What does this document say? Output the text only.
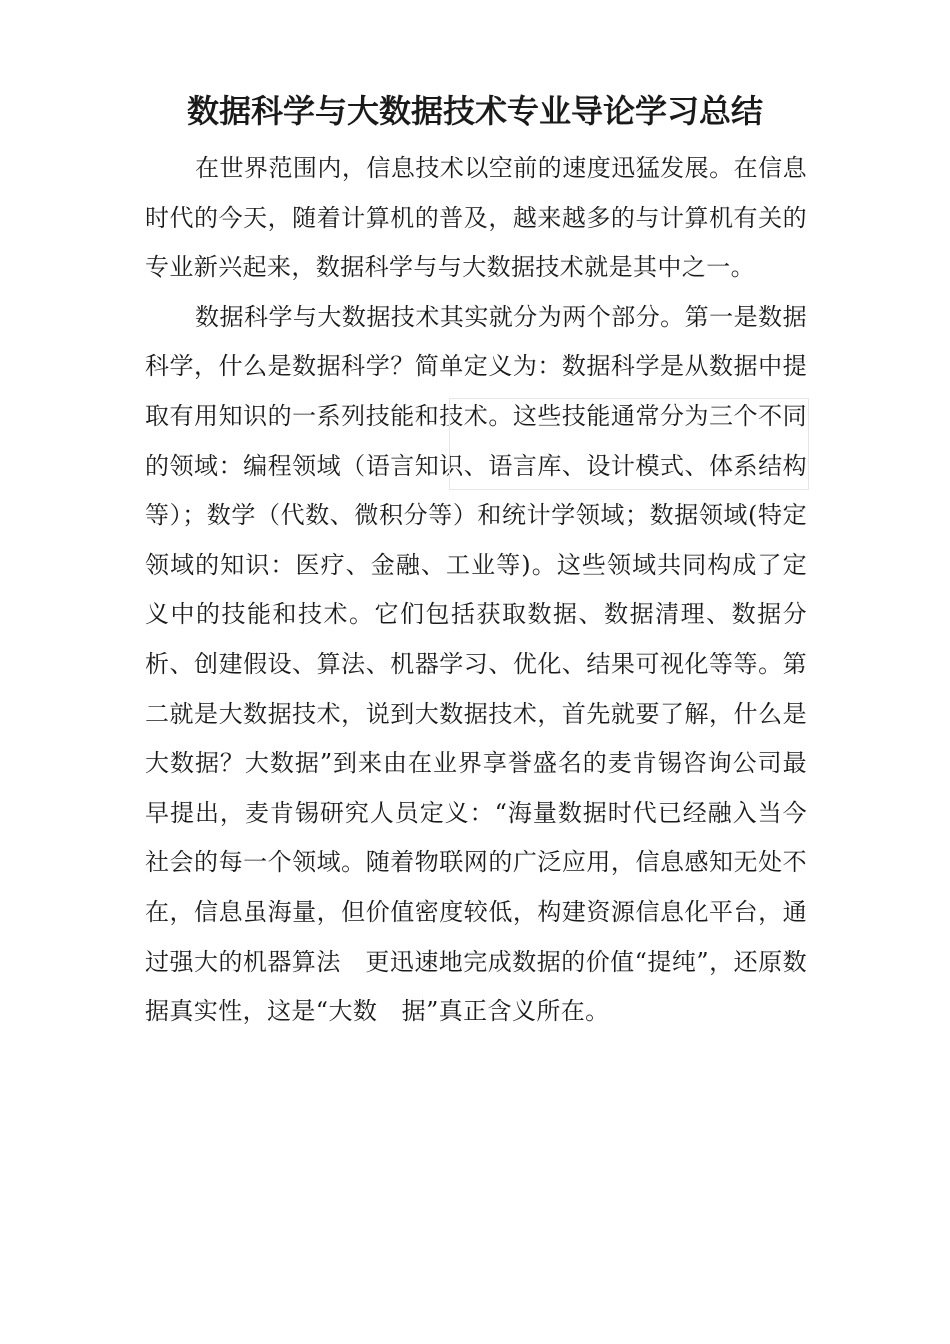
数据科学与大数据技术专业导论学习总结

在世界范围内，信息技术以空前的速度迅猛发展。在信息时代的今天，随着计算机的普及，越来越多的与计算机有关的专业新兴起来，数据科学与与大数据技术就是其中之一。

数据科学与大数据技术其实就分为两个部分。第一是数据科学，什么是数据科学？简单定义为：数据科学是从数据中提取有用知识的一系列技能和技术。这些技能通常分为三个不同的领域：编程领域（语言知识、语言库、设计模式、体系结构等）；数学（代数、微积分等）和统计学领域；数据领域(特定领域的知识：医疗、金融、工业等)。这些领域共同构成了定义中的技能和技术。它们包括获取数据、数据清理、数据分析、创建假设、算法、机器学习、优化、结果可视化等等。第二就是大数据技术，说到大数据技术，首先就要了解，什么是大数据？大数据”到来由在业界享誉盛名的麦肯锡咨询公司最早提出，麦肯锡研究人员定义：“海量数据时代已经融入当今社会的每一个领域。随着物联网的广泛应用，信息感知无处不在，信息虽海量，但价值密度较低，构建资源信息化平台，通过强大的机器算法　更迅速地完成数据的价值“提纯”，还原数据真实性，这是“大数　据”真正含义所在。
